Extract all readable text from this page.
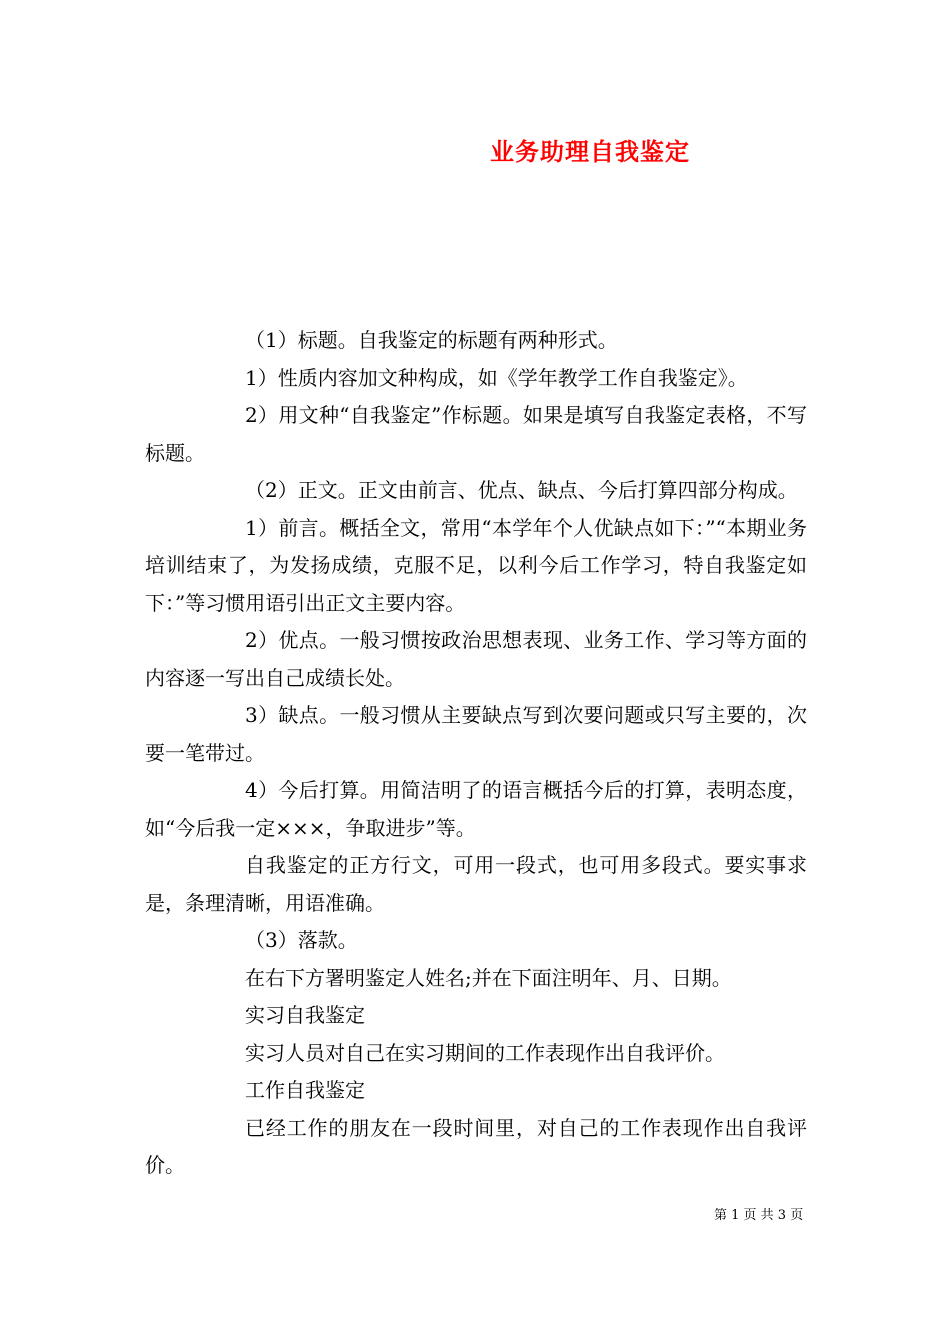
业务助理自我鉴定

（1）标题。自我鉴定的标题有两种形式。

1）性质内容加文种构成，如《学年教学工作自我鉴定》。

2）用文种“自我鉴定”作标题。如果是填写自我鉴定表格，不写标题。

（2）正文。正文由前言、优点、缺点、今后打算四部分构成。

1）前言。概括全文，常用“本学年个人优缺点如下：”“本期业务培训结束了，为发扬成绩，克服不足，以利今后工作学习，特自我鉴定如下：”等习惯用语引出正文主要内容。

2）优点。一般习惯按政治思想表现、业务工作、学习等方面的内容逐一写出自己成绩长处。

3）缺点。一般习惯从主要缺点写到次要问题或只写主要的，次要一笔带过。

4）今后打算。用简洁明了的语言概括今后的打算，表明态度，如“今后我一定×××，争取进步”等。

自我鉴定的正方行文，可用一段式，也可用多段式。要实事求是，条理清晰，用语准确。

（3）落款。

在右下方署明鉴定人姓名;并在下面注明年、月、日期。

实习自我鉴定

实习人员对自己在实习期间的工作表现作出自我评价。

工作自我鉴定

已经工作的朋友在一段时间里，对自己的工作表现作出自我评价。

第 1 页 共 3 页
